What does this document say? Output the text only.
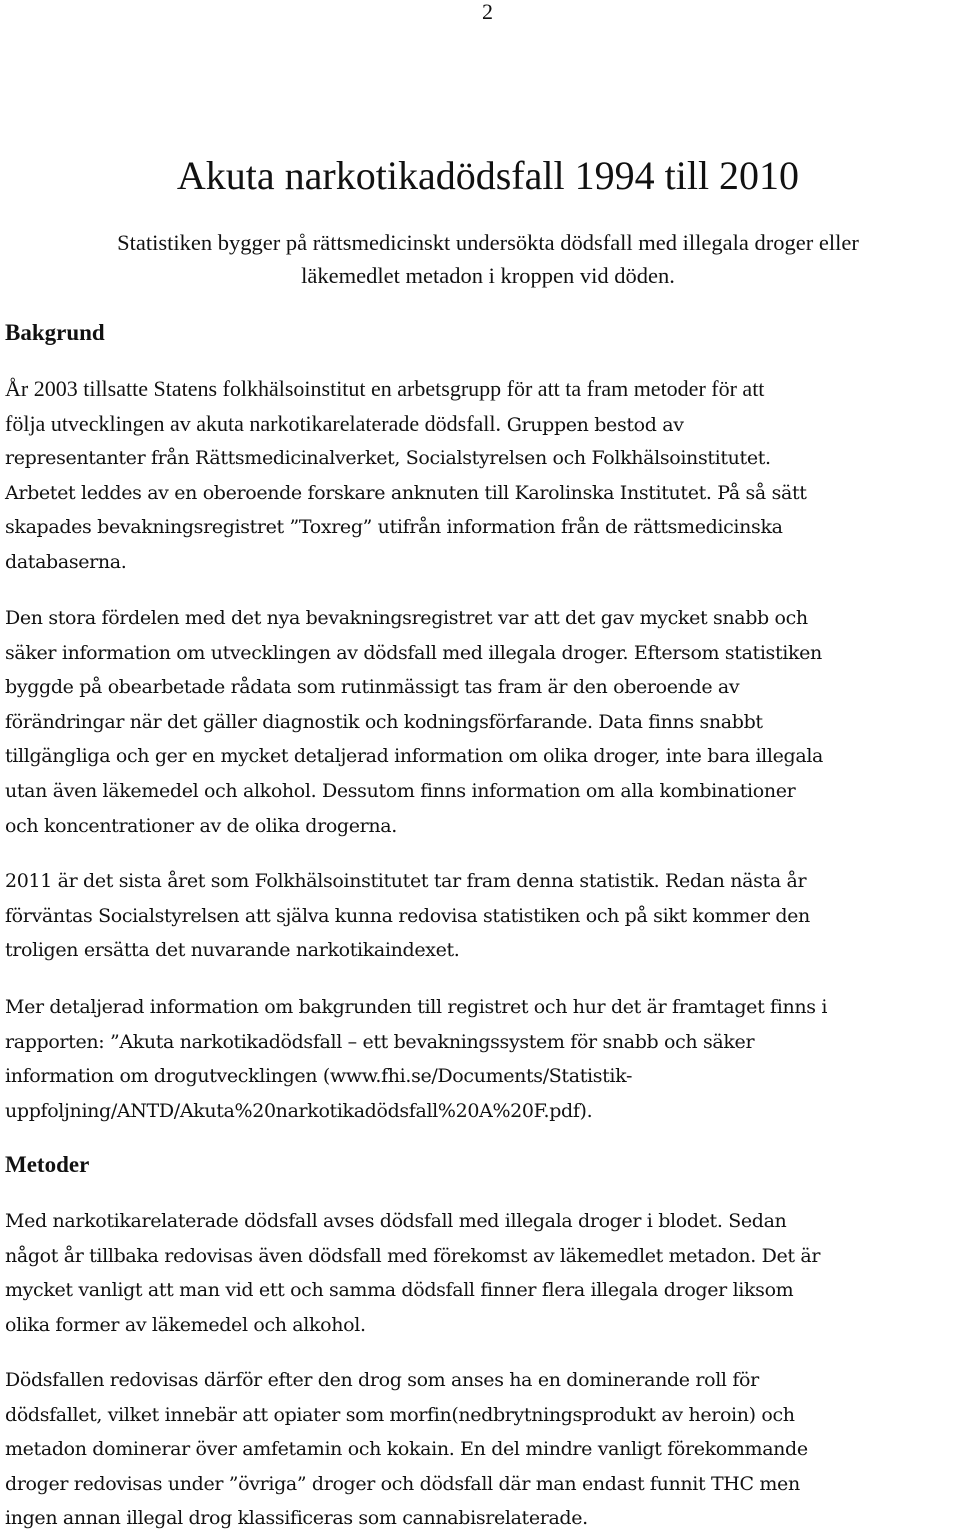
2
Akuta narkotikadödsfall 1994 till 2010

Statistiken bygger på rättsmedicinskt undersökta dödsfall med illegala droger eller
läkemedlet metadon i kroppen vid döden.

Bakgrund

År 2003 tillsatte Statens folkhälsoinstitut en arbetsgrupp för att ta fram metoder för att

följa utvecklingen av akuta narkotikarelaterade dödsfall. Gruppen bestod av

representanter från Rättsmedicinalverket, Socialstyrelsen och Folkhälsoinstitutet.
Arbetet leddes av en oberoende forskare anknuten till Karolinska Institutet. På så sätt
skapades bevakningsregistret ”Toxreg” utifrån information från de rättsmedicinska
databaserna.

Den stora fördelen med det nya bevakningsregistret var att det gav mycket snabb och
säker information om utvecklingen av dödsfall med illegala droger. Eftersom statistiken
byggde på obearbetade rådata som rutinmässigt tas fram är den oberoende av
förändringar när det gäller diagnostik och kodningsförfarande. Data finns snabbt
tillgängliga och ger en mycket detaljerad information om olika droger, inte bara illegala
utan även läkemedel och alkohol. Dessutom finns information om alla kombinationer
och koncentrationer av de olika drogerna.

2011 är det sista året som Folkhälsoinstitutet tar fram denna statistik. Redan nästa år
förväntas Socialstyrelsen att själva kunna redovisa statistiken och på sikt kommer den
troligen ersätta det nuvarande narkotikaindexet.

Mer detaljerad information om bakgrunden till registret och hur det är framtaget finns i
rapporten: ”Akuta narkotikadödsfall – ett bevakningssystem för snabb och säker
information om drogutvecklingen (www.fhi.se/Documents/Statistik-
uppfoljning/ANTD/Akuta%20narkotikadödsfall%20A%20F.pdf).

Metoder

Med narkotikarelaterade dödsfall avses dödsfall med illegala droger i blodet. Sedan
något år tillbaka redovisas även dödsfall med förekomst av läkemedlet metadon. Det är
mycket vanligt att man vid ett och samma dödsfall finner flera illegala droger liksom
olika former av läkemedel och alkohol.

Dödsfallen redovisas därför efter den drog som anses ha en dominerande roll för
dödsfallet, vilket innebär att opiater som morfin(nedbrytningsprodukt av heroin) och
metadon dominerar över amfetamin och kokain. En del mindre vanligt förekommande
droger redovisas under ”övriga” droger och dödsfall där man endast funnit THC men
ingen annan illegal drog klassificeras som cannabisrelaterade.
